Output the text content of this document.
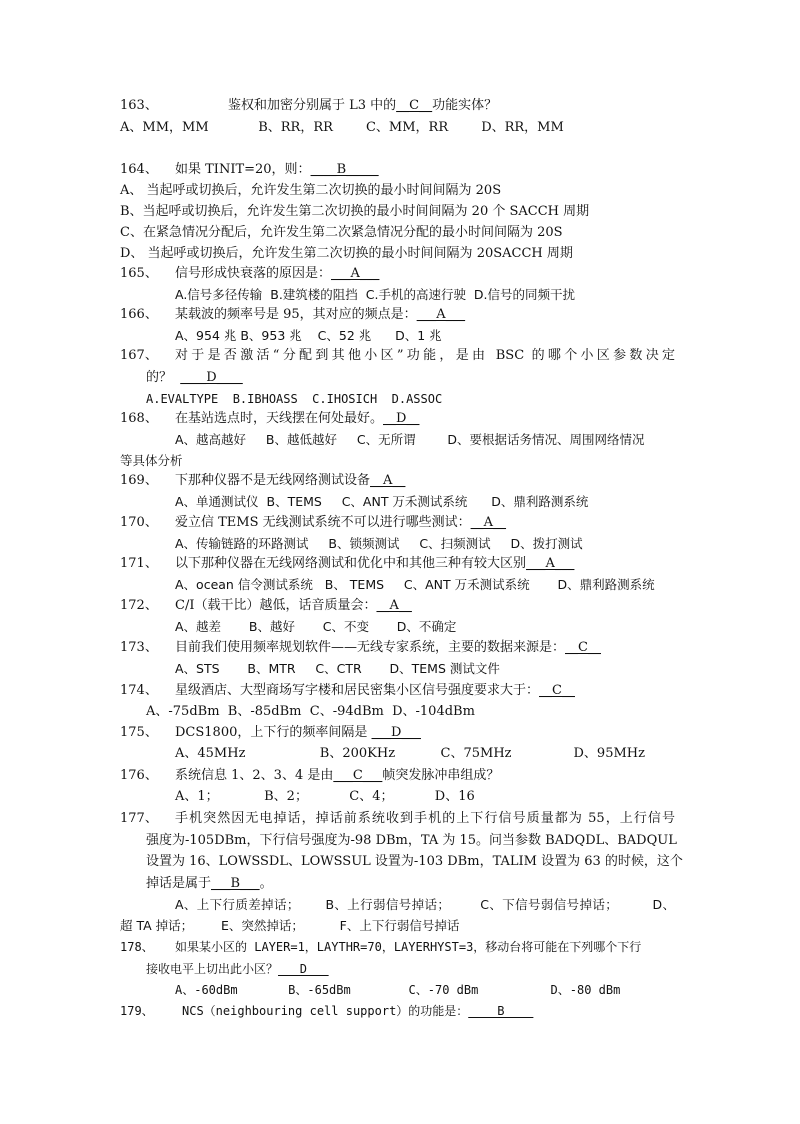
163、	鉴权和加密分别属于 L3 中的__C__功能实体？
A、MM，MM            B、RR，RR        C、MM，RR        D、RR，MM
164、 如果 TINIT=20，则：____B_____
A、 当起呼或切换后，允许发生第二次切换的最小时间间隔为 20S
B、当起呼或切换后，允许发生第二次切换的最小时间间隔为 20 个 SACCH 周期
C、在紧急情况分配后，允许发生第二次紧急情况分配的最小时间间隔为 20S
D、 当起呼或切换后，允许发生第二次切换的最小时间间隔为 20SACCH 周期
165、 信号形成快衰落的原因是：___A___
A.信号多径传输  B.建筑楼的阻挡  C.手机的高速行驶  D.信号的同频干扰
166、 某载波的频率号是 95，其对应的频点是：___A___
A、954 兆 B、953 兆    C、52 兆      D、1 兆
167、 对于是否激活“分配到其他小区”功能，是由 BSC 的哪个小区参数决定
的？ ____D____
A.EVALTYPE  B.IBHOASS  C.IHOSICH  D.ASSOC
168、 在基站选点时，天线摆在何处最好。__D__
A、越高越好     B、越低越好     C、无所谓        D、要根据话务情况、周围网络情况
等具体分析
169、 下那种仪器不是无线网络测试设备__A__
A、单通测试仪  B、TEMS     C、ANT 万禾测试系统      D、鼎利路测系统
170、 爱立信 TEMS 无线测试系统不可以进行哪些测试：__A__
A、传输链路的环路测试     B、锁频测试     C、扫频测试     D、拨打测试
171、 以下那种仪器在无线网络测试和优化中和其他三种有较大区别___A___
A、ocean 信令测试系统   B、 TEMS     C、ANT 万禾测试系统       D、鼎利路测系统
172、 C/I（载干比）越低，话音质量会：__A__
A、越差       B、越好       C、不变       D、不确定
173、 目前我们使用频率规划软件——无线专家系统，主要的数据来源是：__C__
A、STS       B、MTR     C、CTR       D、TEMS 测试文件
174、 星级酒店、大型商场写字楼和居民密集小区信号强度要求大于：__C__
A、-75dBm  B、-85dBm  C、-94dBm  D、-104dBm
175、 DCS1800，上下行的频率间隔是 ___D___
A、45MHz                  B、200KHz           C、75MHz               D、95MHz
176、 系统信息 1、2、3、4 是由___C___帧突发脉冲串组成？
A、1；           B、2；          C、4；          D、16
177、 手机突然因无电掉话，掉话前系统收到手机的上下行信号质量都为 55，上行信号
强度为-105DBm，下行信号强度为-98 DBm，TA 为 15。问当参数 BADQDL、BADQUL
设置为 16、LOWSSDL、LOWSSUL 设置为-103 DBm，TALIM 设置为 63 的时候，这个
掉话是属于___B___。
A、上下行质差掉话；      B、上行弱信号掉话；       C、下信号弱信号掉话；        D、
超 TA 掉话；       E、突然掉话；         F、上下行弱信号掉话
178、 如果某小区的 LAYER=1，LAYTHR=70，LAYERHYST=3，移动台将可能在下列哪个下行
接收电平上切出此小区？___D___
A、-60dBm       B、-65dBm        C、-70 dBm          D、-80 dBm
179、 NCS（neighbouring cell support）的功能是：____B____
